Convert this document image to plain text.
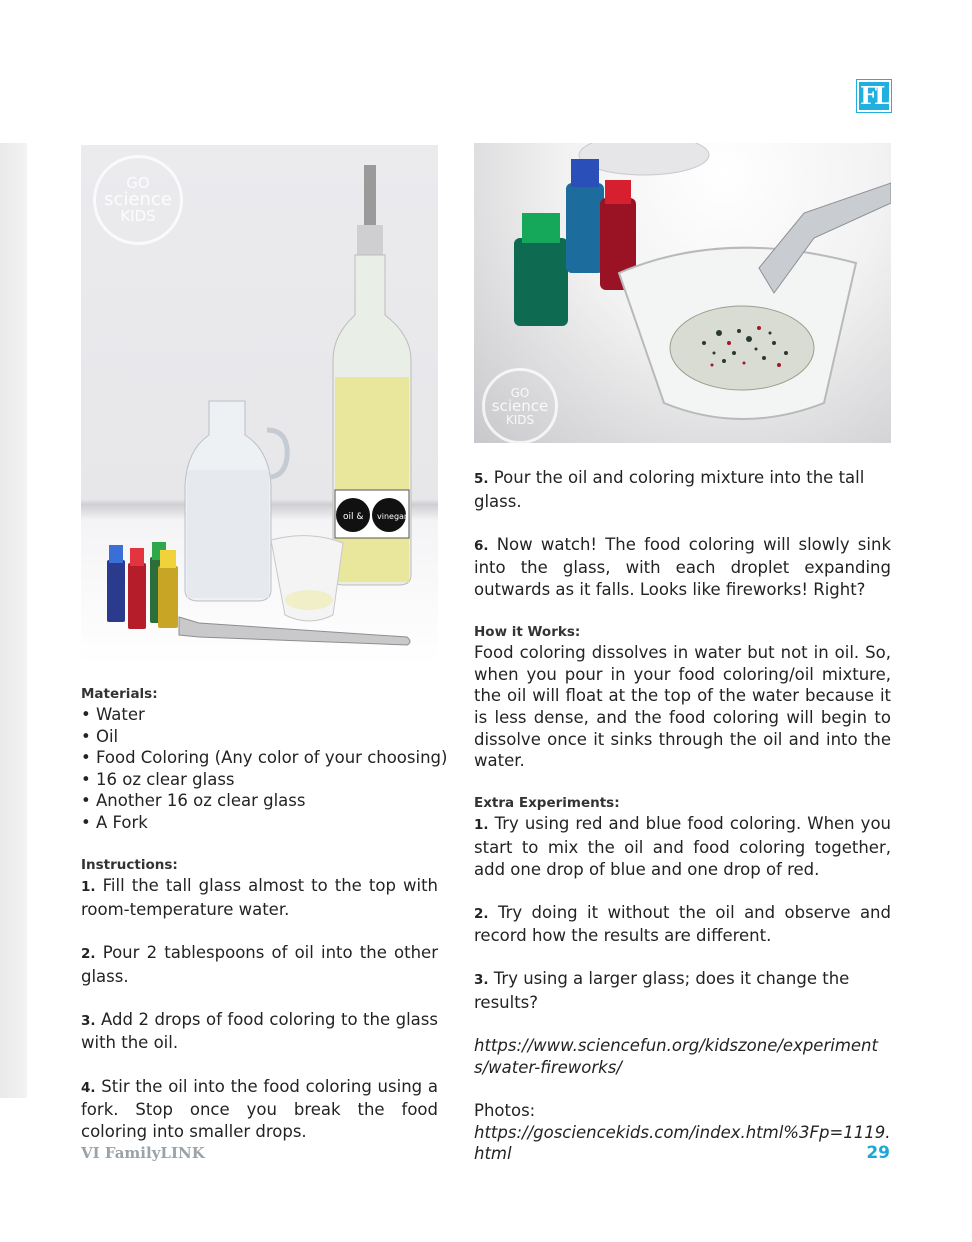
FL
oil & vinegar
GO
science
KIDS
GO
science
KIDS
Materials:
• Water
• Oil
• Food Coloring (Any color of your choosing)
• 16 oz clear glass
• Another 16 oz clear glass
• A Fork
Instructions:
1. Fill the tall glass almost to the top with room-temperature water.
2. Pour 2 tablespoons of oil into the other glass.
3. Add 2 drops of food coloring to the glass with the oil.
4. Stir the oil into the food coloring using a fork. Stop once you break the food coloring into smaller drops.
5. Pour the oil and coloring mixture into the tall glass.
6. Now watch! The food coloring will slowly sink into the glass, with each droplet expanding outwards as it falls. Looks like fireworks! Right?
How it Works:
Food coloring dissolves in water but not in oil. So, when you pour in your food coloring/oil mixture, the oil will float at the top of the water because it is less dense, and the food coloring will begin to dissolve once it sinks through the oil and into the water.
Extra Experiments:
1. Try using red and blue food coloring. When you start to mix the oil and food coloring together, add one drop of blue and one drop of red.
2. Try doing it without the oil and observe and record how the results are different.
3. Try using a larger glass; does it change the results?
https://www.sciencefun.org/kidszone/experiments/water-fireworks/
Photos:
https://gosciencekids.com/index.html%3Fp=1119.html
VI FamilyLINK	29
